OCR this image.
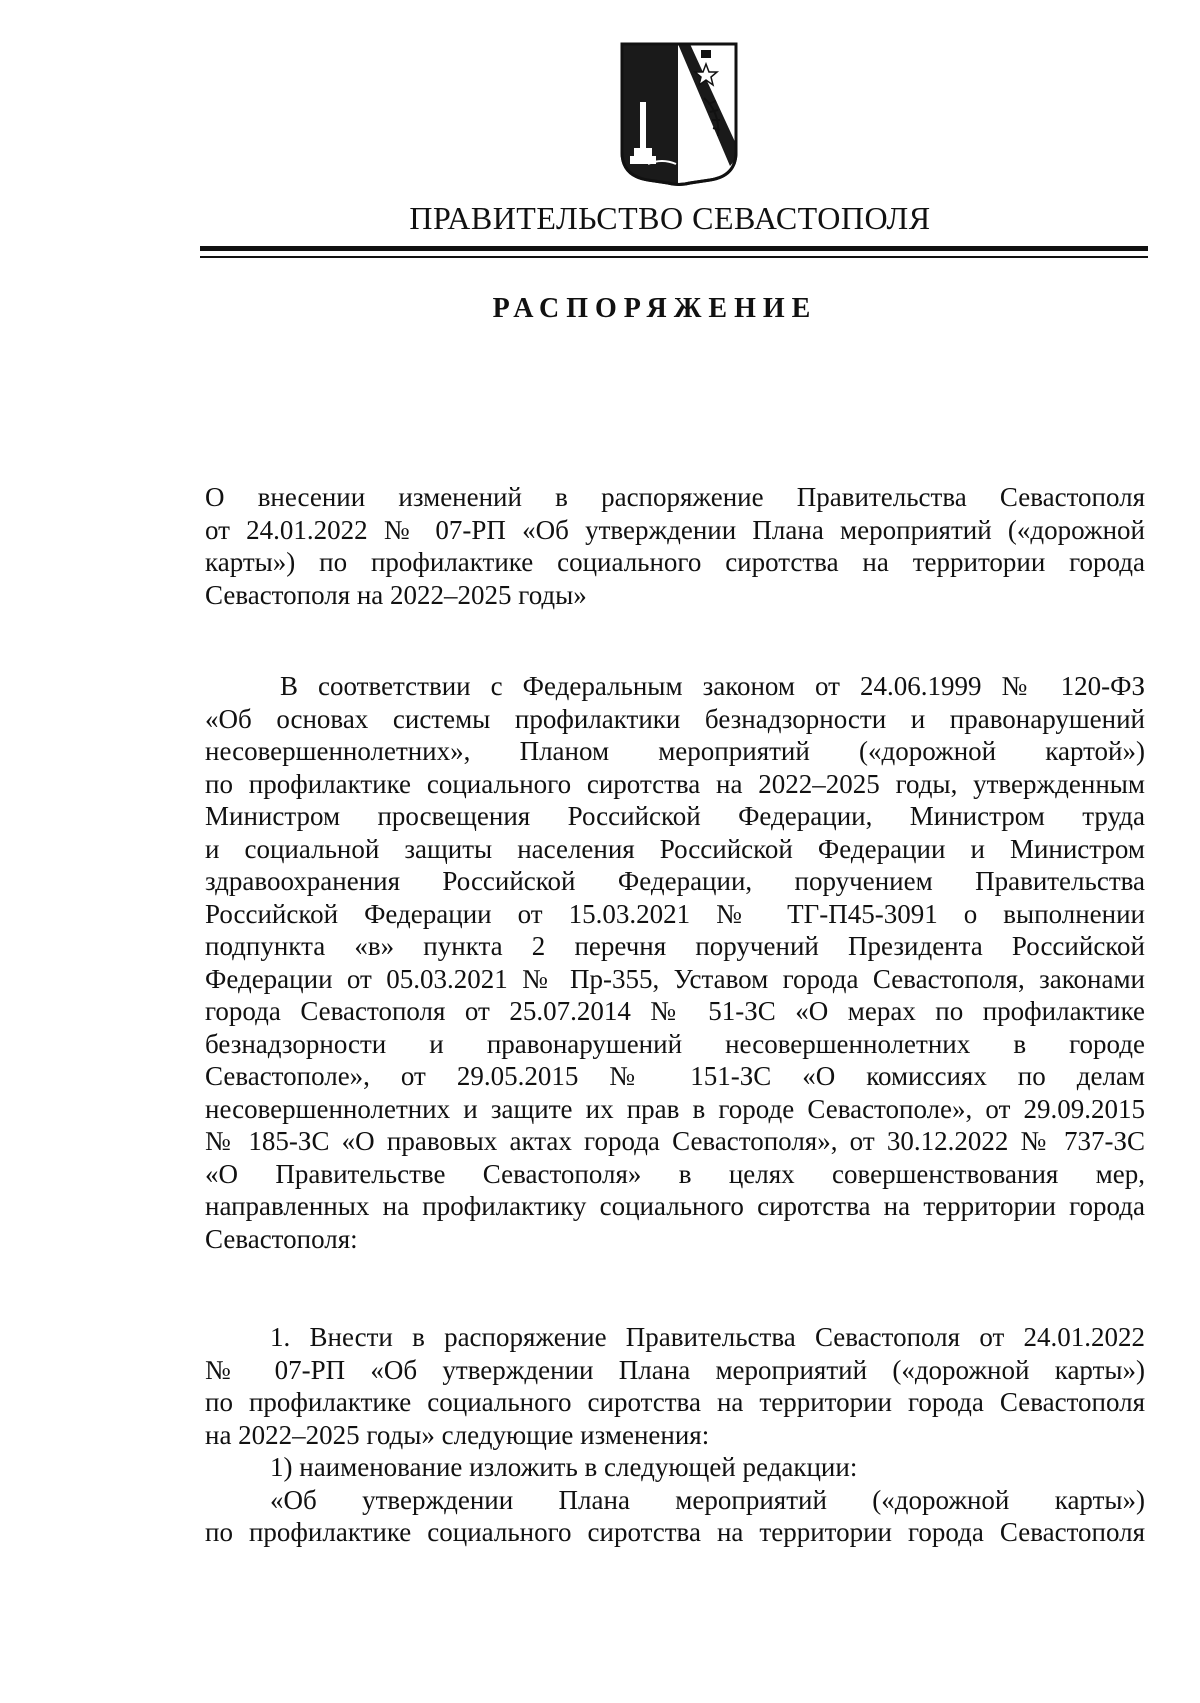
ПРАВИТЕЛЬСТВО СЕВАСТОПОЛЯ
РАСПОРЯЖЕНИЕ
О внесении изменений в распоряжение Правительства Севастополя
от 24.01.2022 № 07-РП «Об утверждении Плана мероприятий («дорожной
карты») по профилактике социального сиротства на территории города
Севастополя на 2022–2025 годы»
В соответствии с Федеральным законом от 24.06.1999 № 120-ФЗ
«Об основах системы профилактики безнадзорности и правонарушений
несовершеннолетних», Планом мероприятий («дорожной картой»)
по профилактике социального сиротства на 2022–2025 годы, утвержденным
Министром просвещения Российской Федерации, Министром труда
и социальной защиты населения Российской Федерации и Министром
здравоохранения Российской Федерации, поручением Правительства
Российской Федерации от 15.03.2021 № ТГ-П45-3091 о выполнении
подпункта «в» пункта 2 перечня поручений Президента Российской
Федерации от 05.03.2021 № Пр-355, Уставом города Севастополя, законами
города Севастополя от 25.07.2014 № 51-ЗС «О мерах по профилактике
безнадзорности и правонарушений несовершеннолетних в городе
Севастополе», от 29.05.2015 № 151-ЗС «О комиссиях по делам
несовершеннолетних и защите их прав в городе Севастополе», от 29.09.2015
№ 185-ЗС «О правовых актах города Севастополя», от 30.12.2022 № 737-ЗС
«О Правительстве Севастополя» в целях совершенствования мер,
направленных на профилактику социального сиротства на территории города
Севастополя:
1. Внести в распоряжение Правительства Севастополя от 24.01.2022
№ 07-РП «Об утверждении Плана мероприятий («дорожной карты»)
по профилактике социального сиротства на территории города Севастополя
на 2022–2025 годы» следующие изменения:
1) наименование изложить в следующей редакции:
«Об утверждении Плана мероприятий («дорожной карты»)
по профилактике социального сиротства на территории города Севастополя
